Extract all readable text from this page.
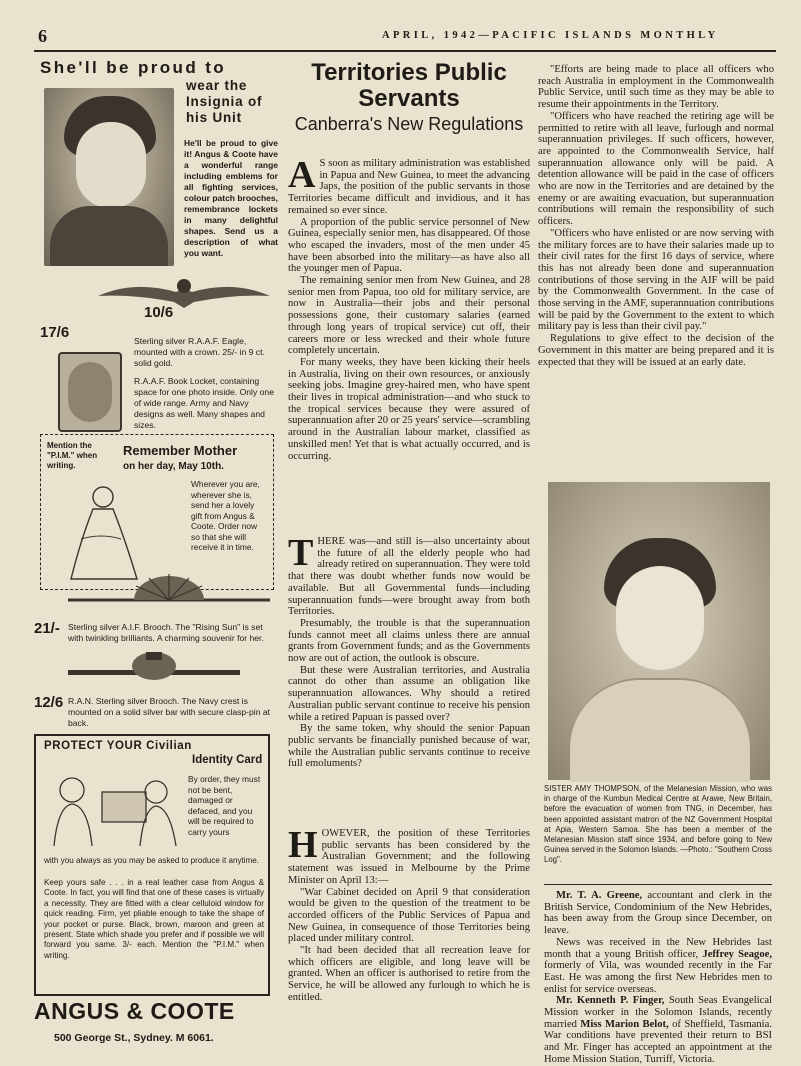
6	APRIL, 1942—PACIFIC ISLANDS MONTHLY
She'll be proud to
wear the Insignia of his Unit
He'll be proud to give it! Angus & Coote have a wonderful range including emblems for all fighting services, colour patch brooches, remembrance lockets in many delightful shapes. Send us a description of what you want.
10/6
17/6	Sterling silver R.A.A.F. Eagle, mounted with a crown. 25/- in 9 ct. solid gold.
R.A.A.F. Book Locket, containing space for one photo inside. Only one of wide range. Army and Navy designs as well. Many shapes and sizes.
Mention the "P.I.M." when writing.
Remember Mother
on her day, May 10th.
Wherever you are, wherever she is, send her a lovely gift from Angus & Coote. Order now so that she will receive it in time.
21/- Sterling silver A.I.F. Brooch. The "Rising Sun" is set with twinkling brilliants. A charming souvenir for her.
12/6 R.A.N. Sterling silver Brooch. The Navy crest is mounted on a solid silver bar with secure clasp-pin at back.
PROTECT YOUR Civilian
Identity Card
By order, they must not be bent, damaged or defaced, and you will be required to carry yours
with you always as you may be asked to produce it anytime.
Keep yours safe . . . in a real leather case from Angus & Coote. In fact, you will find that one of these cases is virtually a necessity. They are fitted with a clear celluloid window for quick reading. Firm, yet pliable enough to take the shape of your pocket or purse. Black, brown, maroon and green at present. State which shade you prefer and if possible we will forward you same. 3/- each. Mention the "P.I.M." when writing.
ANGUS & COOTE
500 George St., Sydney. M 6061.
Territories Public Servants
Canberra's New Regulations

A S soon as military administration was established in Papua and New Guinea, to meet the advancing Japs, the position of the public servants in those Territories became difficult and invidious, and it has remained so ever since.

A proportion of the public service personnel of New Guinea, especially senior men, has disappeared. Of those who escaped the invaders, most of the men under 45 have been absorbed into the military—as have also all the younger men of Papua.

The remaining senior men from New Guinea, and 28 senior men from Papua, too old for military service, are now in Australia—their jobs and their personal possessions gone, their customary salaries (earned through long years of tropical service) cut off, their careers more or less wrecked and their whole future completely uncertain.

For many weeks, they have been kicking their heels in Australia, living on their own resources, or anxiously seeking jobs. Imagine grey-haired men, who have spent their lives in tropical administration—and who stuck to the tropical services because they were assured of superannuation after 20 or 25 years' service—scrambling around in the Australian labour market, classified as unskilled men! Yet that is what actually occurred, and is occurring.

THERE was—and still is—also uncertainty about the future of all the elderly people who had already retired on superannuation. They were told that there was doubt whether funds now would be available. But all Governmental funds—including superannuation funds—were brought away from both Territories.

Presumably, the trouble is that the superannuation funds cannot meet all claims unless there are annual grants from Government funds; and as the Governments now are out of action, the outlook is obscure.

But these were Australian territories, and Australia cannot do other than assume an obligation like superannuation allowances. Why should a retired Australian public servant continue to receive his pension while a retired Papuan is passed over?

By the same token, why should the senior Papuan public servants be financially punished because of war, while the Australian public servants continue to receive full emoluments?

HOWEVER, the position of these Territories public servants has been considered by the Australian Government; and the following statement was issued in Melbourne by the Prime Minister on April 13:—

"War Cabinet decided on April 9 that consideration would be given to the question of the treatment to be accorded officers of the Public Services of Papua and New Guinea, in consequence of those Territories being placed under military control.

"It had been decided that all recreation leave for which officers are eligible, and long leave will be granted. When an officer is authorised to retire from the Service, he will be allowed any furlough to which he is entitled.

"Efforts are being made to place all officers who reach Australia in employment in the Commonwealth Public Service, until such time as they may be able to resume their appointments in the Territory.

"Officers who have reached the retiring age will be permitted to retire with all leave, furlough and normal superannuation privileges. If such officers, however, are appointed to the Commonwealth Service, half superannuation allowance only will be paid. A detention allowance will be paid in the case of officers who are now in the Territories and are detained by the enemy or are awaiting evacuation, but superannuation contributions will remain the responsibility of such officers.

"Officers who have enlisted or are now serving with the military forces are to have their salaries made up to their civil rates for the first 16 days of service, where this has not already been done and superannuation contributions of those serving in the AIF will be paid by the Commonwealth Government. In the case of those serving in the AMF, superannuation contributions will be paid by the Government to the extent to which military pay is less than their civil pay."

Regulations to give effect to the decision of the Government in this matter are being prepared and it is expected that they will be issued at an early date.

SISTER AMY THOMPSON, of the Melanesian Mission, who was in charge of the Kumbun Medical Centre at Arawe, New Britain, before the evacuation of women from TNG, in December, has been appointed assistant matron of the NZ Government Hospital at Apia, Western Samoa. She has been a member of the Melanesian Mission staff since 1934, and before going to New Guinea served in the Solomon Islands. —Photo.: "Southern Cross Log".

Mr. T. A. Greene, accountant and clerk in the British Service, Condominium of the New Hebrides, has been away from the Group since December, on leave.

News was received in the New Hebrides last month that a young British officer, Jeffrey Seagoe, formerly of Vila, was wounded recently in the Far East. He was among the first New Hebrides men to enlist for service overseas.

Mr. Kenneth P. Finger, South Seas Evangelical Mission worker in the Solomon Islands, recently married Miss Marion Belot, of Sheffield, Tasmania. War conditions have prevented their return to BSI and Mr. Finger has accepted an appointment at the Home Mission Station, Turriff, Victoria.
